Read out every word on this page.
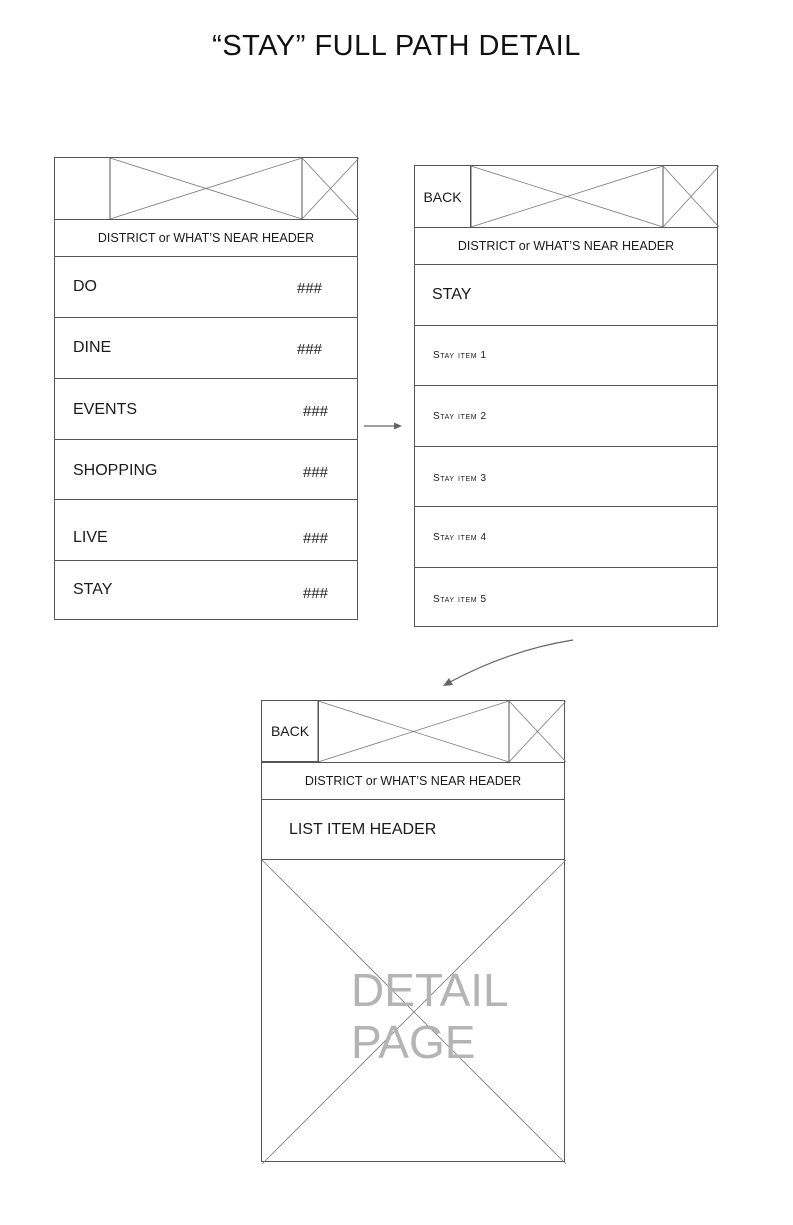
“STAY” FULL PATH DETAIL
DISTRICT or WHAT’S NEAR HEADER
DO	###
DINE	###
EVENTS	###
SHOPPING	###
LIVE	###
STAY	###
BACK
DISTRICT or WHAT’S NEAR HEADER
STAY
Stay item 1
Stay item 2
Stay item 3
Stay item 4
Stay item 5
BACK
DISTRICT or WHAT’S NEAR HEADER
LIST ITEM HEADER
DETAIL
PAGE
